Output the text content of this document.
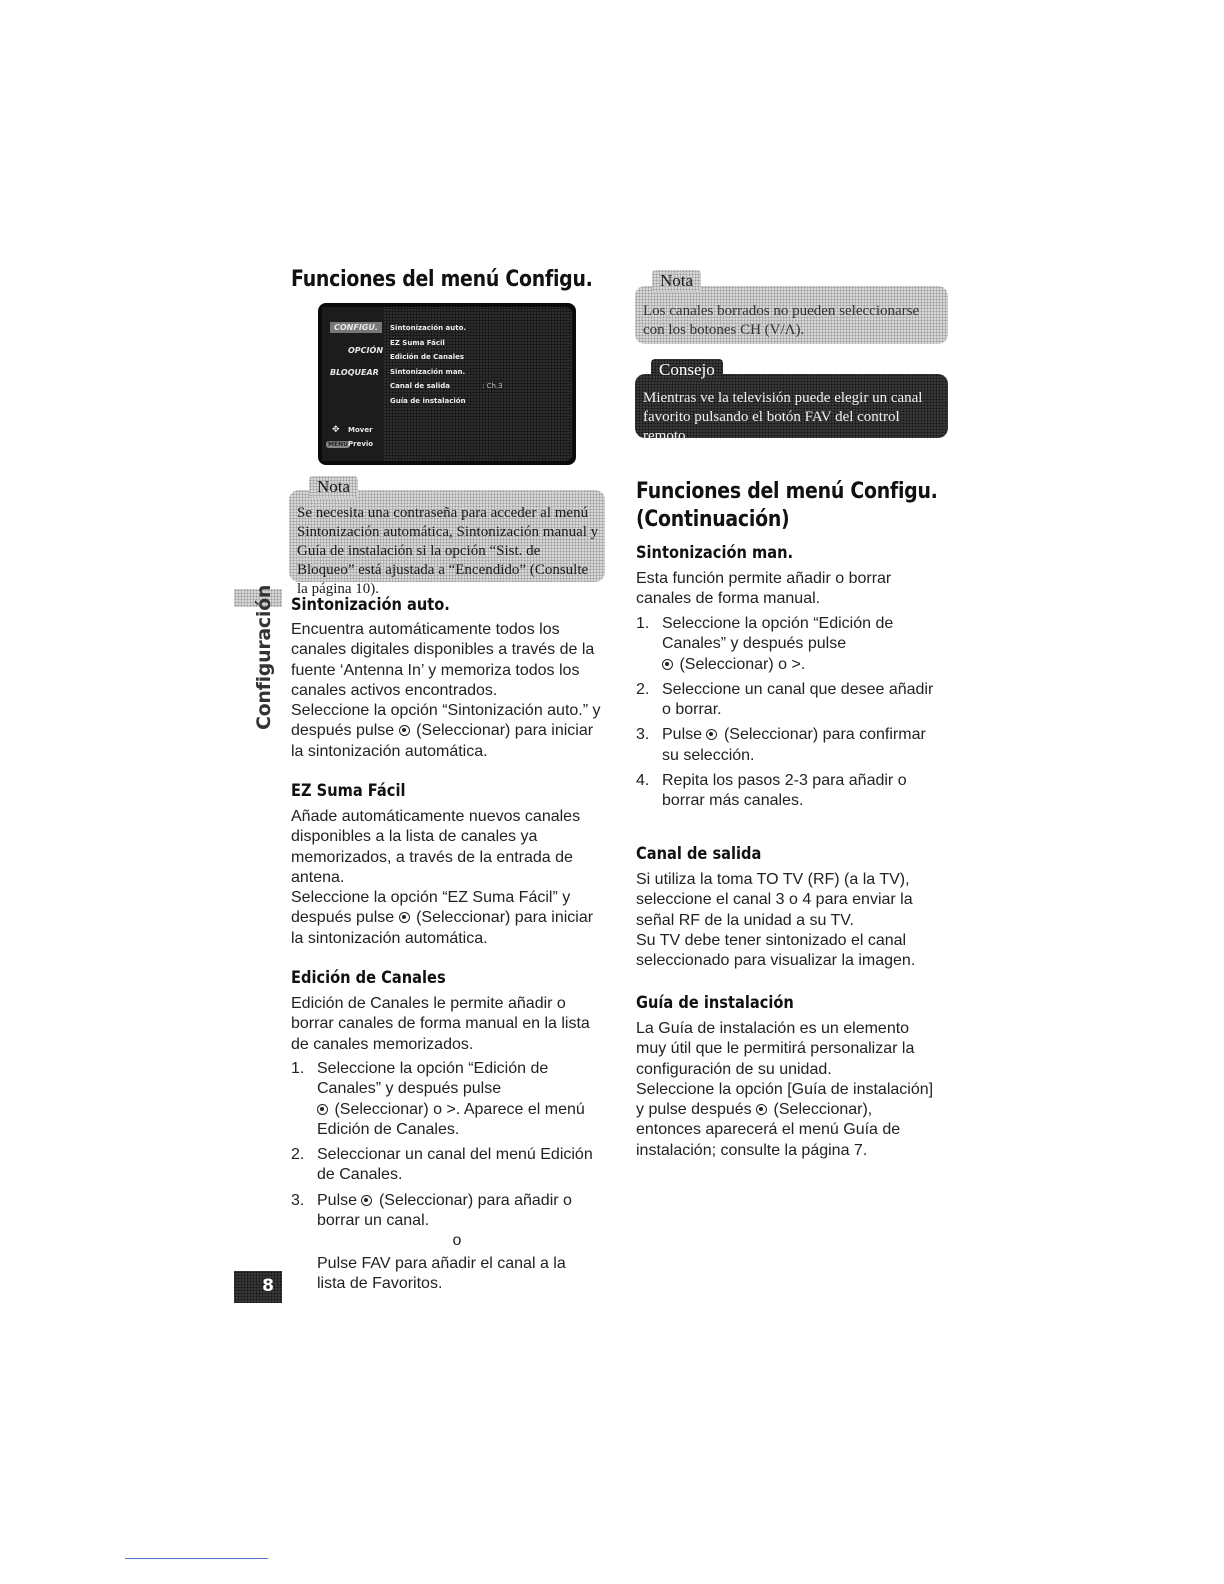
Funciones del menú Configu.
CONFIGU.
OPCIÓN
BLOQUEAR
✥ Mover
MENU Previo
Sintonización auto.
EZ Suma Fácil
Edición de Canales
Sintonización man.
Canal de salida
Guía de instalación
: Ch.3
Nota

Se necesita una contraseña para acceder al menú Sintonización automática, Sintonización manual y Guía de instalación si la opción “Sist. de Bloqueo” está ajustada a “Encendido” (Consulte la página 10).

Configuración Sintonización auto.

Encuentra automáticamente todos los canales digitales disponibles a través de la fuente ‘Antenna In’ y memoriza todos los canales activos encontrados.
Seleccione la opción “Sintonización auto.” y después pulse (Seleccionar) para iniciar la sintonización automática.

EZ Suma Fácil

Añade automáticamente nuevos canales disponibles a la lista de canales ya memorizados, a través de la entrada de antena.
Seleccione la opción “EZ Suma Fácil” y después pulse (Seleccionar) para iniciar la sintonización automática.

Edición de Canales

Edición de Canales le permite añadir o borrar canales de forma manual en la lista de canales memorizados.

1. Seleccione la opción “Edición de Canales” y después pulse
(Seleccionar) o >. Aparece el menú Edición de Canales.
2. Seleccionar un canal del menú Edición de Canales.
3. Pulse (Seleccionar) para añadir o borrar un canal.
o
Pulse FAV para añadir el canal a la lista de Favoritos.
8
Nota

Los canales borrados no pueden seleccionarse con los botones CH (V/Λ).

Consejo

Mientras ve la televisión puede elegir un canal favorito pulsando el botón FAV del control remoto.

Funciones del menú Configu.
(Continuación)
Sintonización man.

Esta función permite añadir o borrar canales de forma manual.

1. Seleccione la opción “Edición de Canales” y después pulse
(Seleccionar) o >.
2. Seleccione un canal que desee añadir o borrar.
3. Pulse (Seleccionar) para confirmar su selección.
4. Repita los pasos 2-3 para añadir o borrar más canales.
Canal de salida

Si utiliza la toma TO TV (RF) (a la TV), seleccione el canal 3 o 4 para enviar la señal RF de la unidad a su TV.
Su TV debe tener sintonizado el canal seleccionado para visualizar la imagen.

Guía de instalación

La Guía de instalación es un elemento muy útil que le permitirá personalizar la configuración de su unidad.
Seleccione la opción [Guía de instalación] y pulse después (Seleccionar), entonces aparecerá el menú Guía de instalación; consulte la página 7.
